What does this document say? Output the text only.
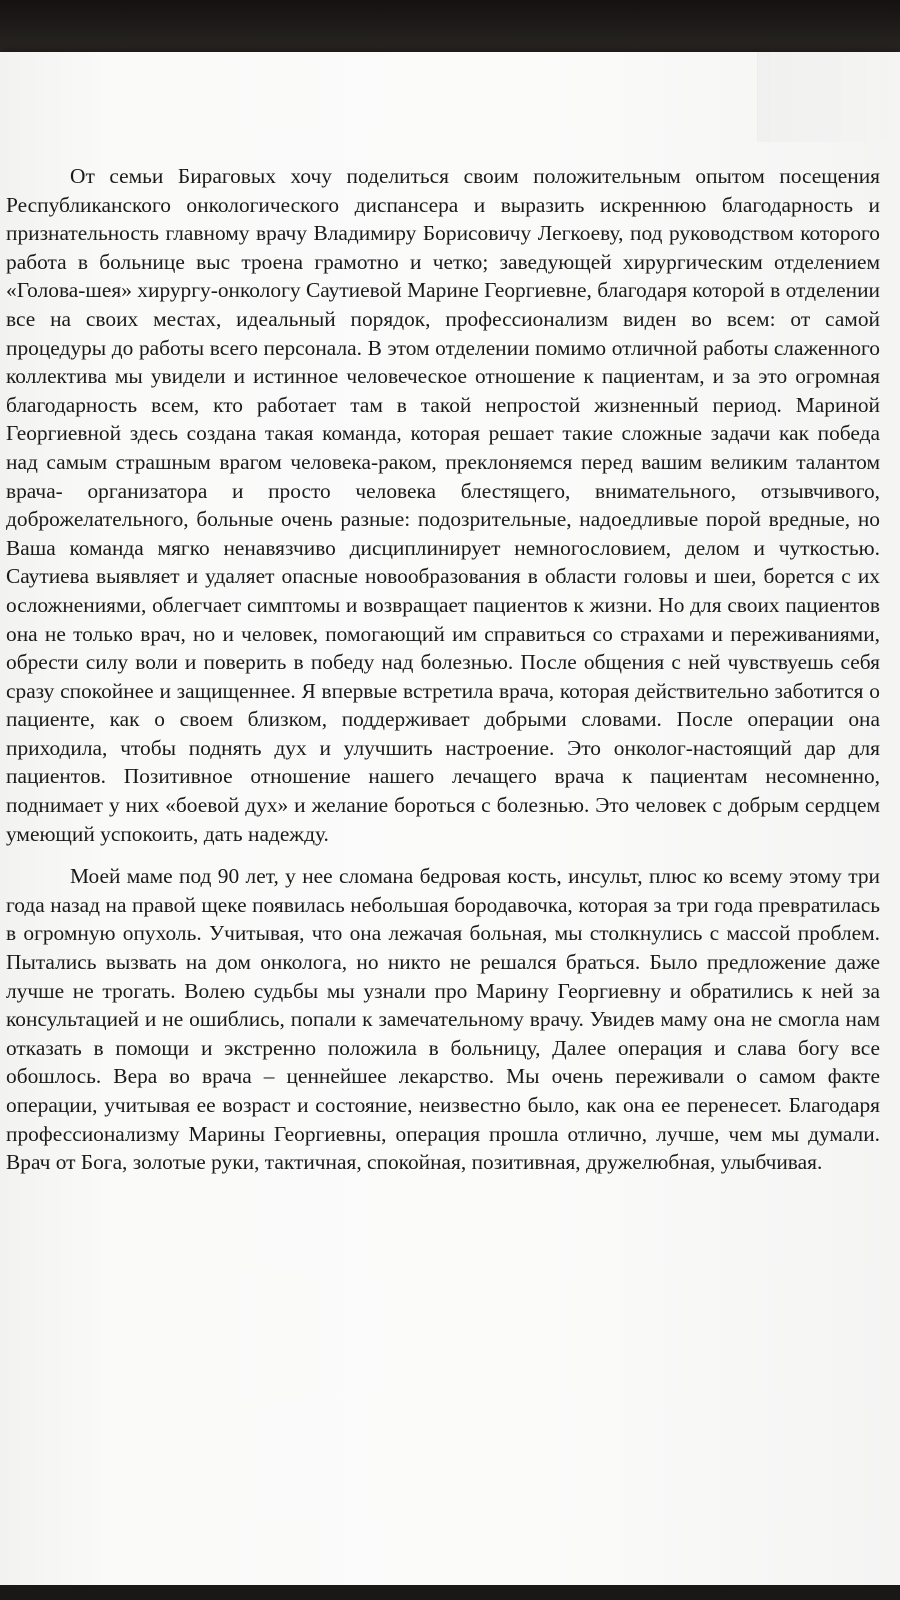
От семьи Бираговых хочу поделиться своим положительным опытом посещения Республиканского онкологического диспансера и выразить искреннюю благодарность и признательность главному врачу Владимиру Борисовичу Легкоеву, под руководством которого работа в больнице выс троена грамотно и четко; заведующей хирургическим отделением «Голова-шея» хирургу-онкологу Саутиевой Марине Георгиевне, благодаря которой в отделении все на своих местах, идеальный порядок, профессионализм виден во всем: от самой процедуры до работы всего персонала. В этом отделении помимо отличной работы слаженного коллектива мы увидели и истинное человеческое отношение к пациентам, и за это огромная благодарность всем, кто работает там в такой непростой жизненный период. Мариной Георгиевной здесь создана такая команда, которая решает такие сложные задачи как победа над самым страшным врагом человека-раком, преклоняемся перед вашим великим талантом врача- организатора и просто человека блестящего, внимательного, отзывчивого, доброжелательного, больные очень разные: подозрительные, надоедливые порой вредные, но Ваша команда мягко ненавязчиво дисциплинирует немногословием, делом и чуткостью. Саутиева выявляет и удаляет опасные новообразования в области головы и шеи, борется с их осложнениями, облегчает симптомы и возвращает пациентов к жизни. Но для своих пациентов она не только врач, но и человек, помогающий им справиться со страхами и переживаниями, обрести силу воли и поверить в победу над болезнью. После общения с ней чувствуешь себя сразу спокойнее и защищеннее. Я впервые встретила врача, которая действительно заботится о пациенте, как о своем близком, поддерживает добрыми словами. После операции она приходила, чтобы поднять дух и улучшить настроение. Это онколог-настоящий дар для пациентов. Позитивное отношение нашего лечащего врача к пациентам несомненно, поднимает у них «боевой дух» и желание бороться с болезнью. Это человек с добрым сердцем умеющий успокоить, дать надежду.

Моей маме под 90 лет, у нее сломана бедровая кость, инсульт, плюс ко всему этому три года назад на правой щеке появилась небольшая бородавочка, которая за три года превратилась в огромную опухоль. Учитывая, что она лежачая больная, мы столкнулись с массой проблем. Пытались вызвать на дом онколога, но никто не решался браться. Было предложение даже лучше не трогать. Волею судьбы мы узнали про Марину Георгиевну и обратились к ней за консультацией и не ошиблись, попали к замечательному врачу. Увидев маму она не смогла нам отказать в помощи и экстренно положила в больницу, Далее операция и слава богу все обошлось. Вера во врача – ценнейшее лекарство. Мы очень переживали о самом факте операции, учитывая ее возраст и состояние, неизвестно было, как она ее перенесет. Благодаря профессионализму Марины Георгиевны, операция прошла отлично, лучше, чем мы думали. Врач от Бога, золотые руки, тактичная, спокойная, позитивная, дружелюбная, улыбчивая.
